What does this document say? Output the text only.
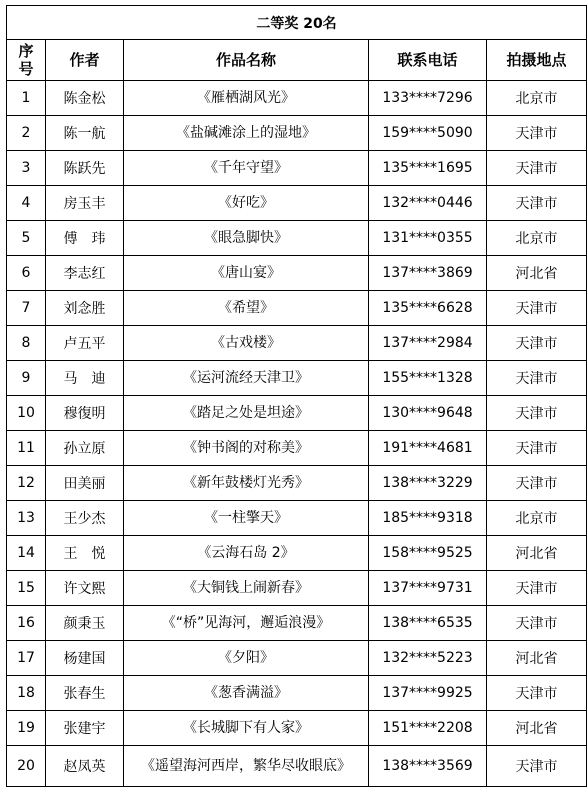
二等奖 20名				
序号	作者	作品名称	联系电话	拍摄地点
1	陈金松	《雁栖湖风光》	133****7296	北京市
2	陈一航	《盐碱滩涂上的湿地》	159****5090	天津市
3	陈跃先	《千年守望》	135****1695	天津市
4	房玉丰	《好吃》	132****0446	天津市
5	傅　玮	《眼急脚快》	131****0355	北京市
6	李志红	《唐山宴》	137****3869	河北省
7	刘念胜	《希望》	135****6628	天津市
8	卢五平	《古戏楼》	137****2984	天津市
9	马　迪	《运河流经天津卫》	155****1328	天津市
10	穆復明	《踏足之处是坦途》	130****9648	天津市
11	孙立原	《钟书阁的对称美》	191****4681	天津市
12	田美丽	《新年鼓楼灯光秀》	138****3229	天津市
13	王少杰	《一柱擎天》	185****9318	北京市
14	王　悦	《云海石岛 2》	158****9525	河北省
15	许文熙	《大铜钱上闹新春》	137****9731	天津市
16	颜秉玉	《“桥”见海河，邂逅浪漫》	138****6535	天津市
17	杨建国	《夕阳》	132****5223	河北省
18	张春生	《葱香满溢》	137****9925	天津市
19	张建宇	《长城脚下有人家》	151****2208	河北省
20	赵凤英	《遥望海河西岸，繁华尽收眼底》	138****3569	天津市
